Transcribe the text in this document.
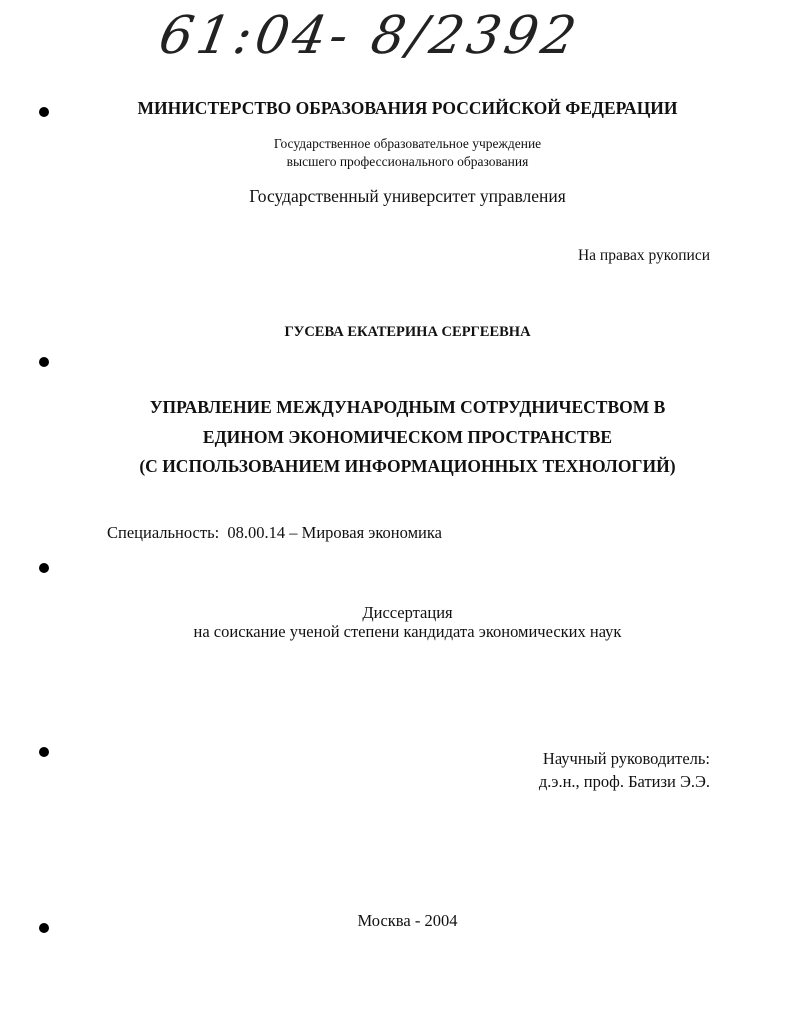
61:04- 8/2392
МИНИСТЕРСТВО ОБРАЗОВАНИЯ РОССИЙСКОЙ ФЕДЕРАЦИИ
Государственное образовательное учреждение
высшего профессионального образования
Государственный университет управления
На правах рукописи
ГУСЕВА ЕКАТЕРИНА СЕРГЕЕВНА
УПРАВЛЕНИЕ МЕЖДУНАРОДНЫМ СОТРУДНИЧЕСТВОМ В
ЕДИНОМ ЭКОНОМИЧЕСКОМ ПРОСТРАНСТВЕ
(С ИСПОЛЬЗОВАНИЕМ ИНФОРМАЦИОННЫХ ТЕХНОЛОГИЙ)
Специальность:  08.00.14 – Мировая экономика
Диссертация
на соискание ученой степени кандидата экономических наук
Научный руководитель:
д.э.н., проф. Батизи Э.Э.
Москва - 2004
